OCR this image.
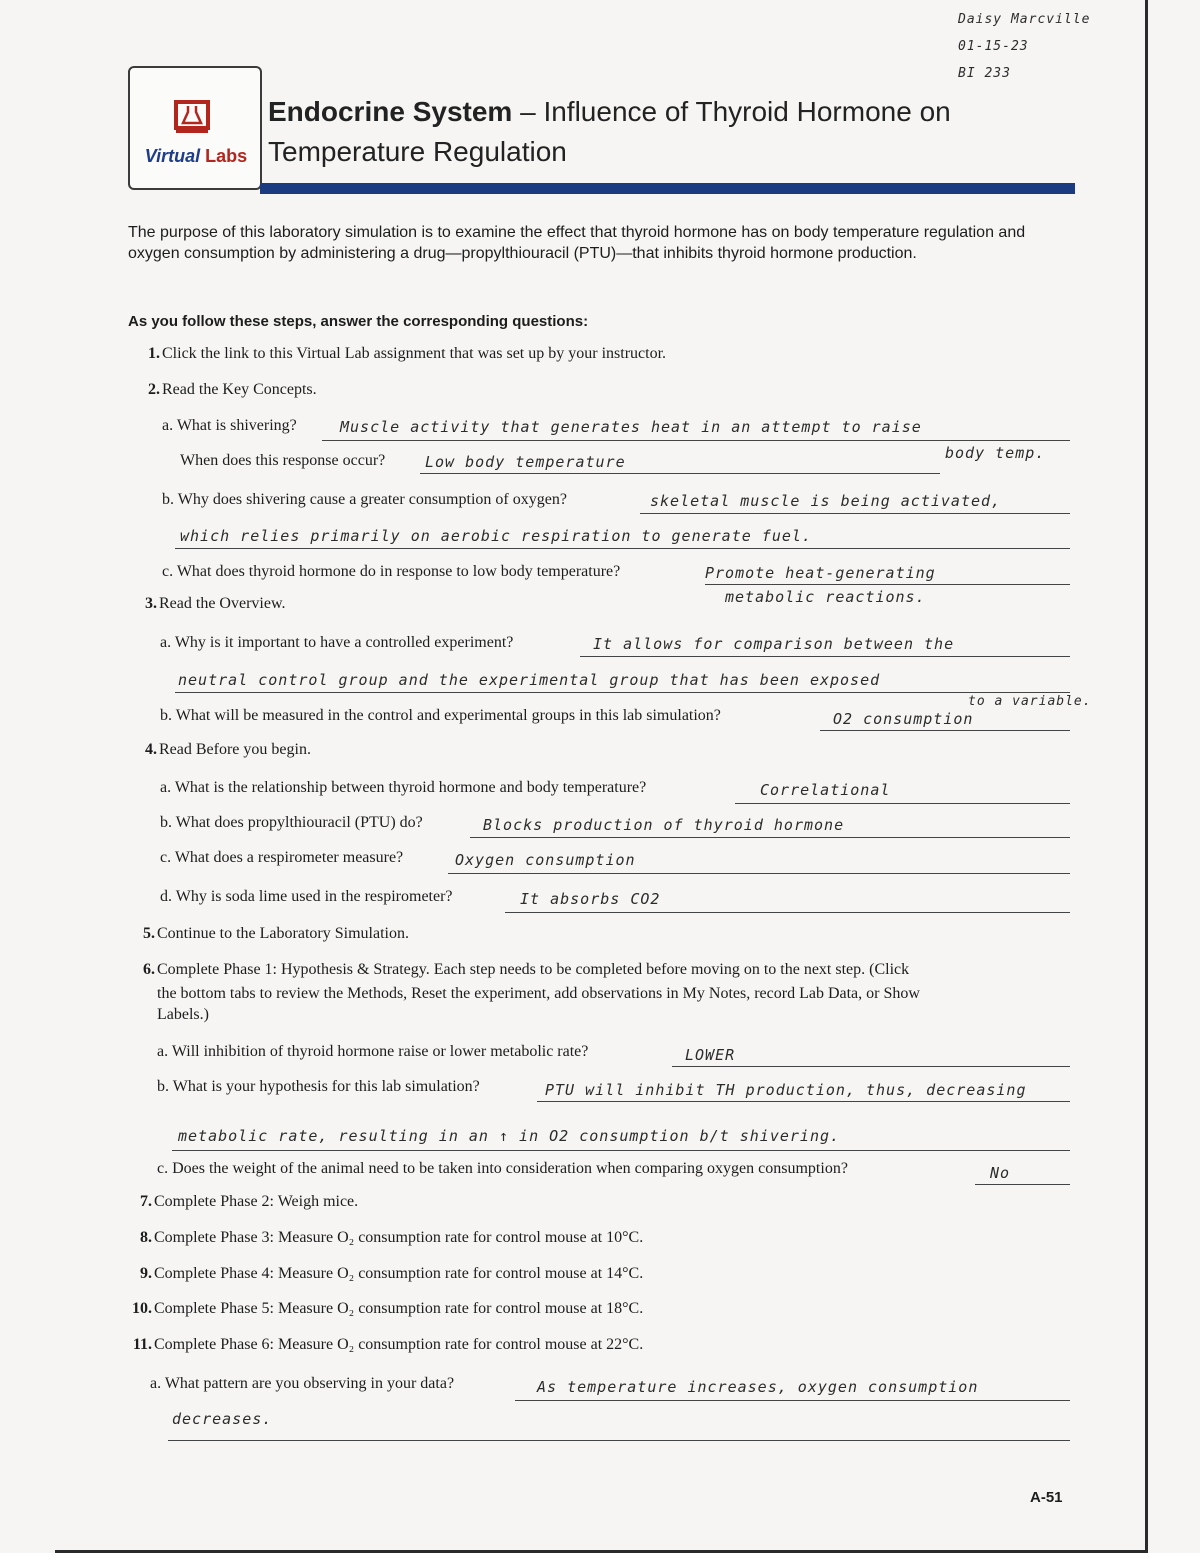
Daisy Marcville
01-15-23
BI 233
Virtual Labs
Endocrine System – Influence of Thyroid Hormone on
Temperature Regulation
The purpose of this laboratory simulation is to examine the effect that thyroid hormone has on body temperature regulation and oxygen consumption by administering a drug—propylthiouracil (PTU)—that inhibits thyroid hormone production.
As you follow these steps, answer the corresponding questions:
1. Click the link to this Virtual Lab assignment that was set up by your instructor.
2. Read the Key Concepts.
a. What is shivering?	Muscle activity that generates heat in an attempt to raise
body temp.
When does this response occur?	Low body temperature
b. Why does shivering cause a greater consumption of oxygen?	skeletal muscle is being activated,
which relies primarily on aerobic respiration to generate fuel.
c. What does thyroid hormone do in response to low body temperature?	Promote heat-generating
metabolic reactions.
3. Read the Overview.
a. Why is it important to have a controlled experiment?	It allows for comparison between the
neutral control group and the experimental group that has been exposed
to a variable.
b. What will be measured in the control and experimental groups in this lab simulation?	O2 consumption
4. Read Before you begin.
a. What is the relationship between thyroid hormone and body temperature?	Correlational
b. What does propylthiouracil (PTU) do?	Blocks production of thyroid hormone
c. What does a respirometer measure?	Oxygen consumption
d. Why is soda lime used in the respirometer?	It absorbs CO2
5. Continue to the Laboratory Simulation.
6. Complete Phase 1: Hypothesis & Strategy. Each step needs to be completed before moving on to the next step. (Click
the bottom tabs to review the Methods, Reset the experiment, add observations in My Notes, record Lab Data, or Show
Labels.)
a. Will inhibition of thyroid hormone raise or lower metabolic rate?	LOWER
b. What is your hypothesis for this lab simulation?	PTU will inhibit TH production, thus, decreasing
metabolic rate, resulting in an ↑ in O2 consumption b/t shivering.
c. Does the weight of the animal need to be taken into consideration when comparing oxygen consumption?	No
7. Complete Phase 2: Weigh mice.
8. Complete Phase 3: Measure O₂ consumption rate for control mouse at 10°C.
9. Complete Phase 4: Measure O₂ consumption rate for control mouse at 14°C.
10. Complete Phase 5: Measure O₂ consumption rate for control mouse at 18°C.
11. Complete Phase 6: Measure O₂ consumption rate for control mouse at 22°C.
a. What pattern are you observing in your data?	As temperature increases, oxygen consumption
decreases.
A-51
